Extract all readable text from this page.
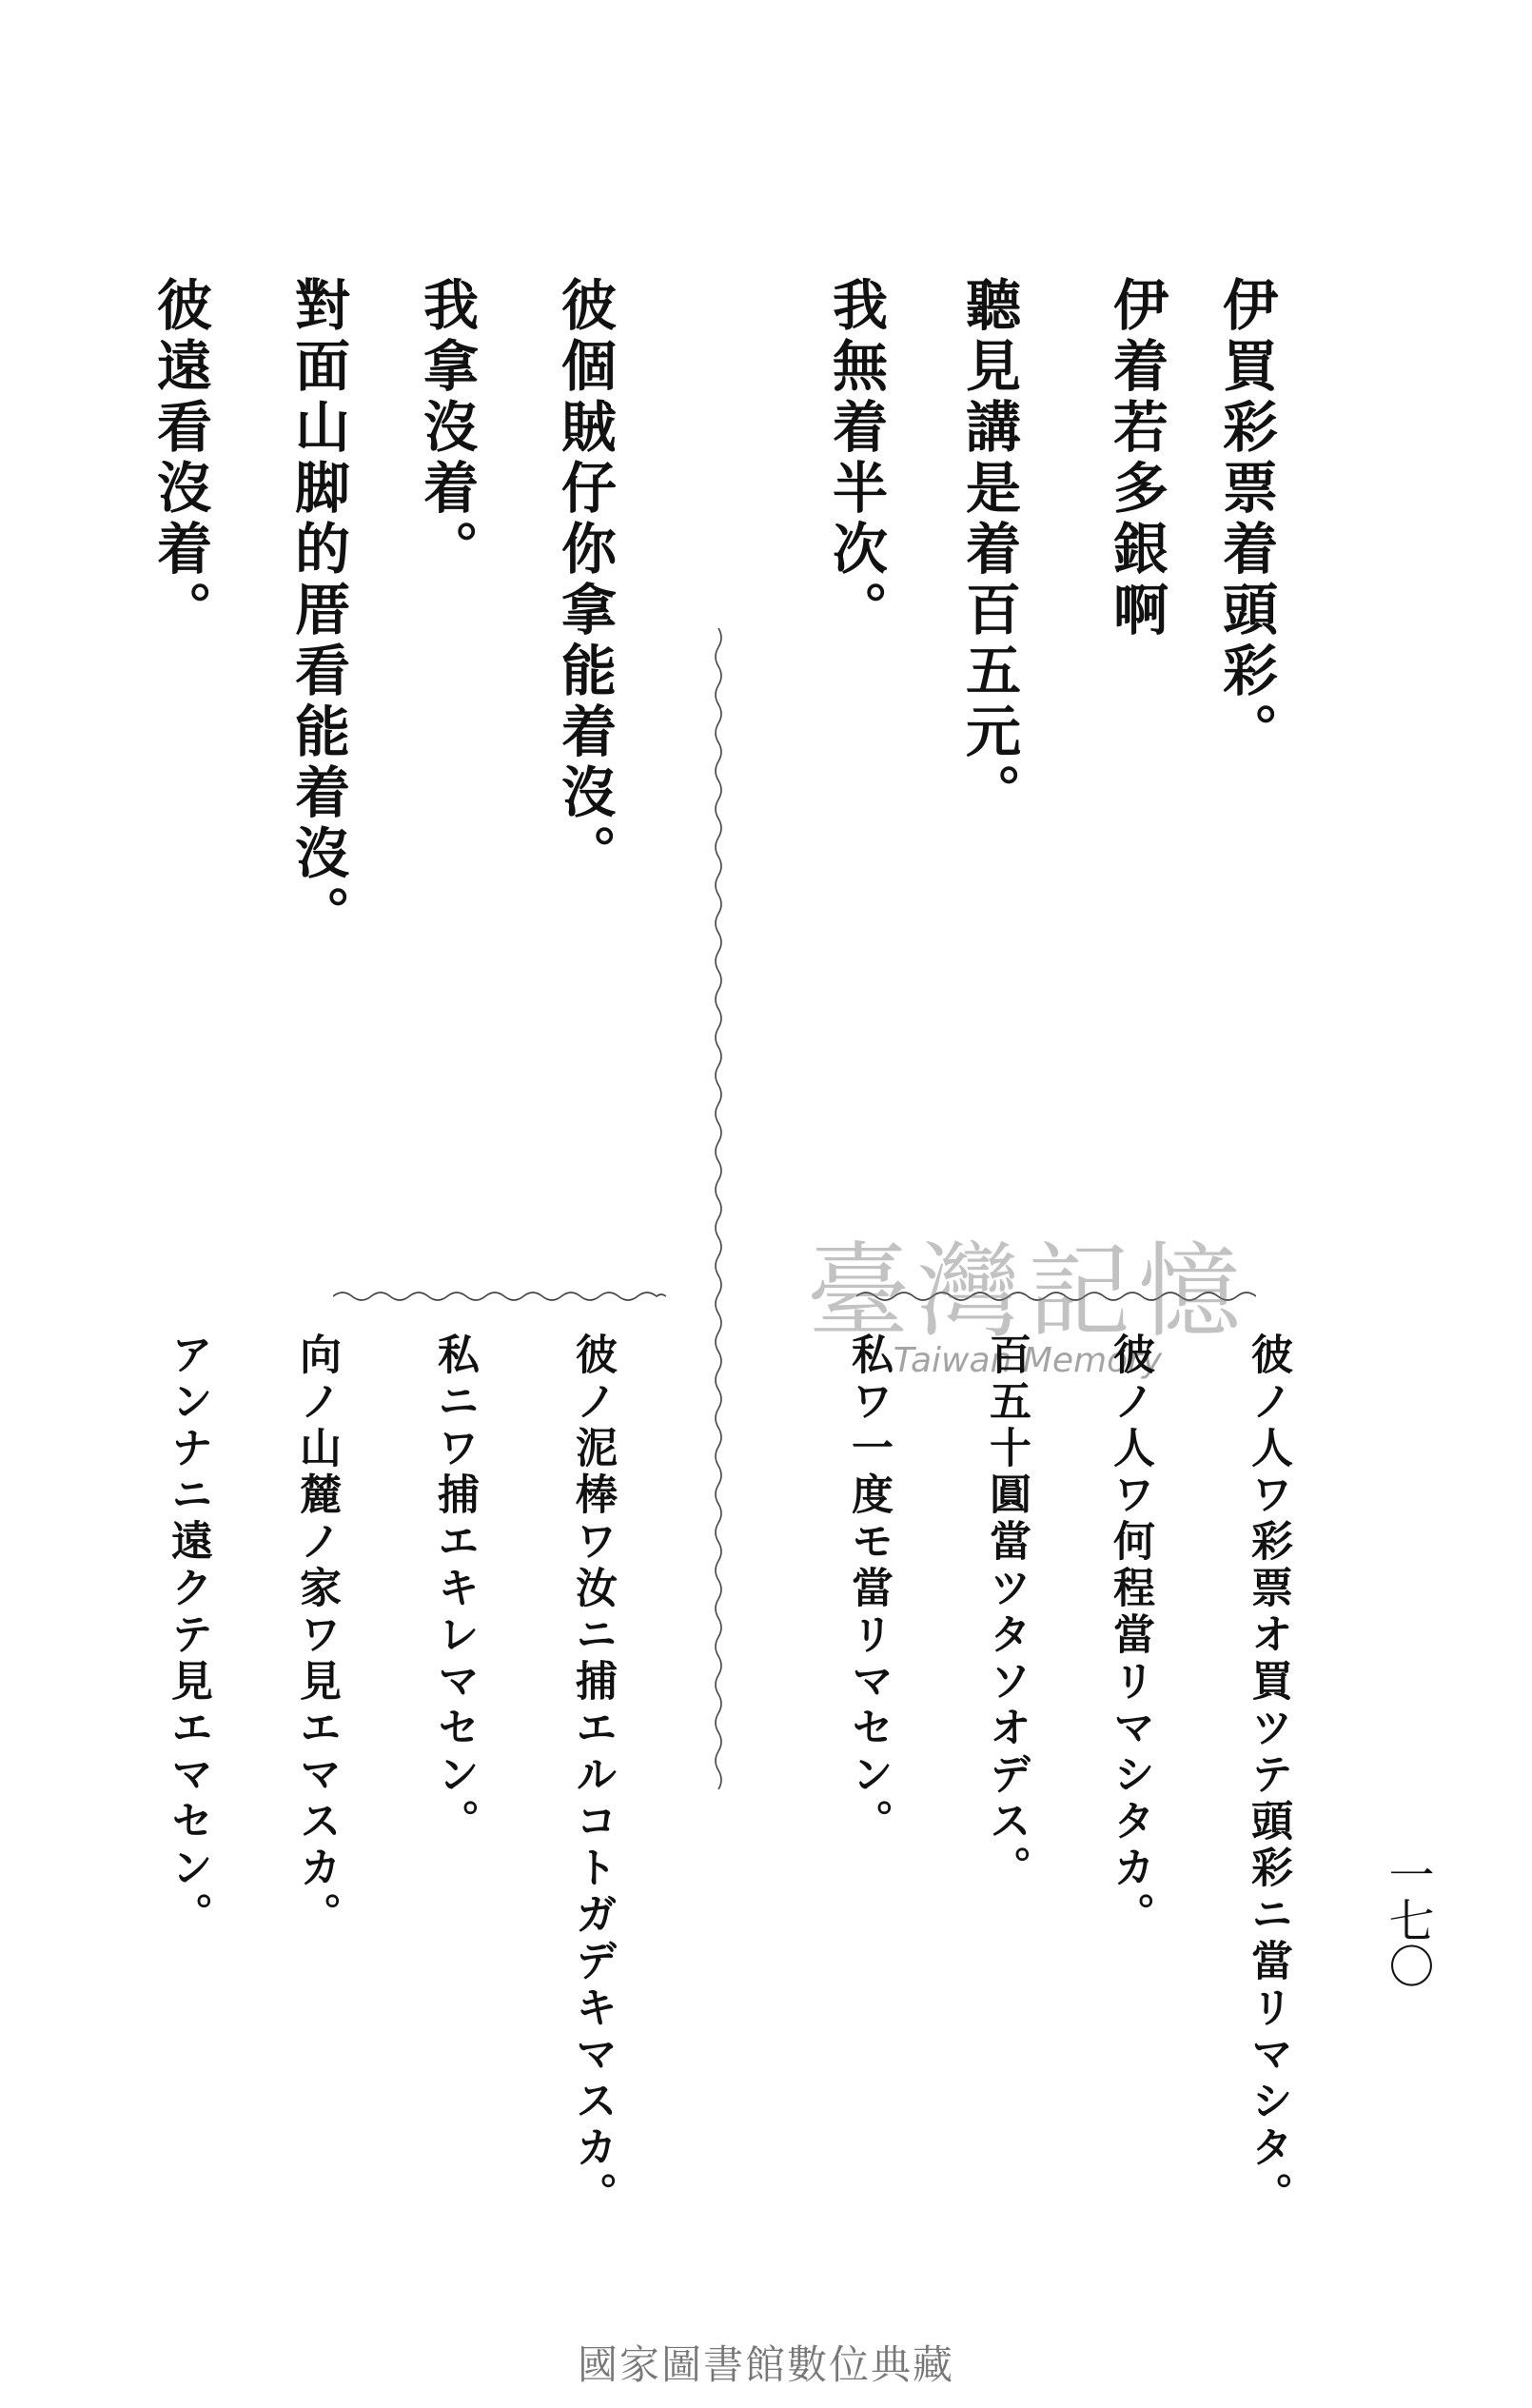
伊買彩票着頭彩。
伊着若多銀啊
聽見講是着百五元。
我無着半次。
彼個賊仔你拿能着沒。
我拿沒着。
對面山脚的厝看能着沒。
彼遠看沒着。
臺灣記憶
Taiwan Memory	彼ノ人ワ彩票オ買ツテ頭彩ニ當リマシタ。
彼ノ人ワ何程當リマシタカ。
百五十圓當ツタソオデス。
私ワ一度モ當リマセン。
彼ノ泥棒ワ汝ニ捕エルコトガデキマスカ。
私ニワ捕エキレマセン。
向ノ山麓ノ家ワ見エマスカ。
アンナニ遠クテ見エマセン。	一七〇
國家圖書館數位典藏
